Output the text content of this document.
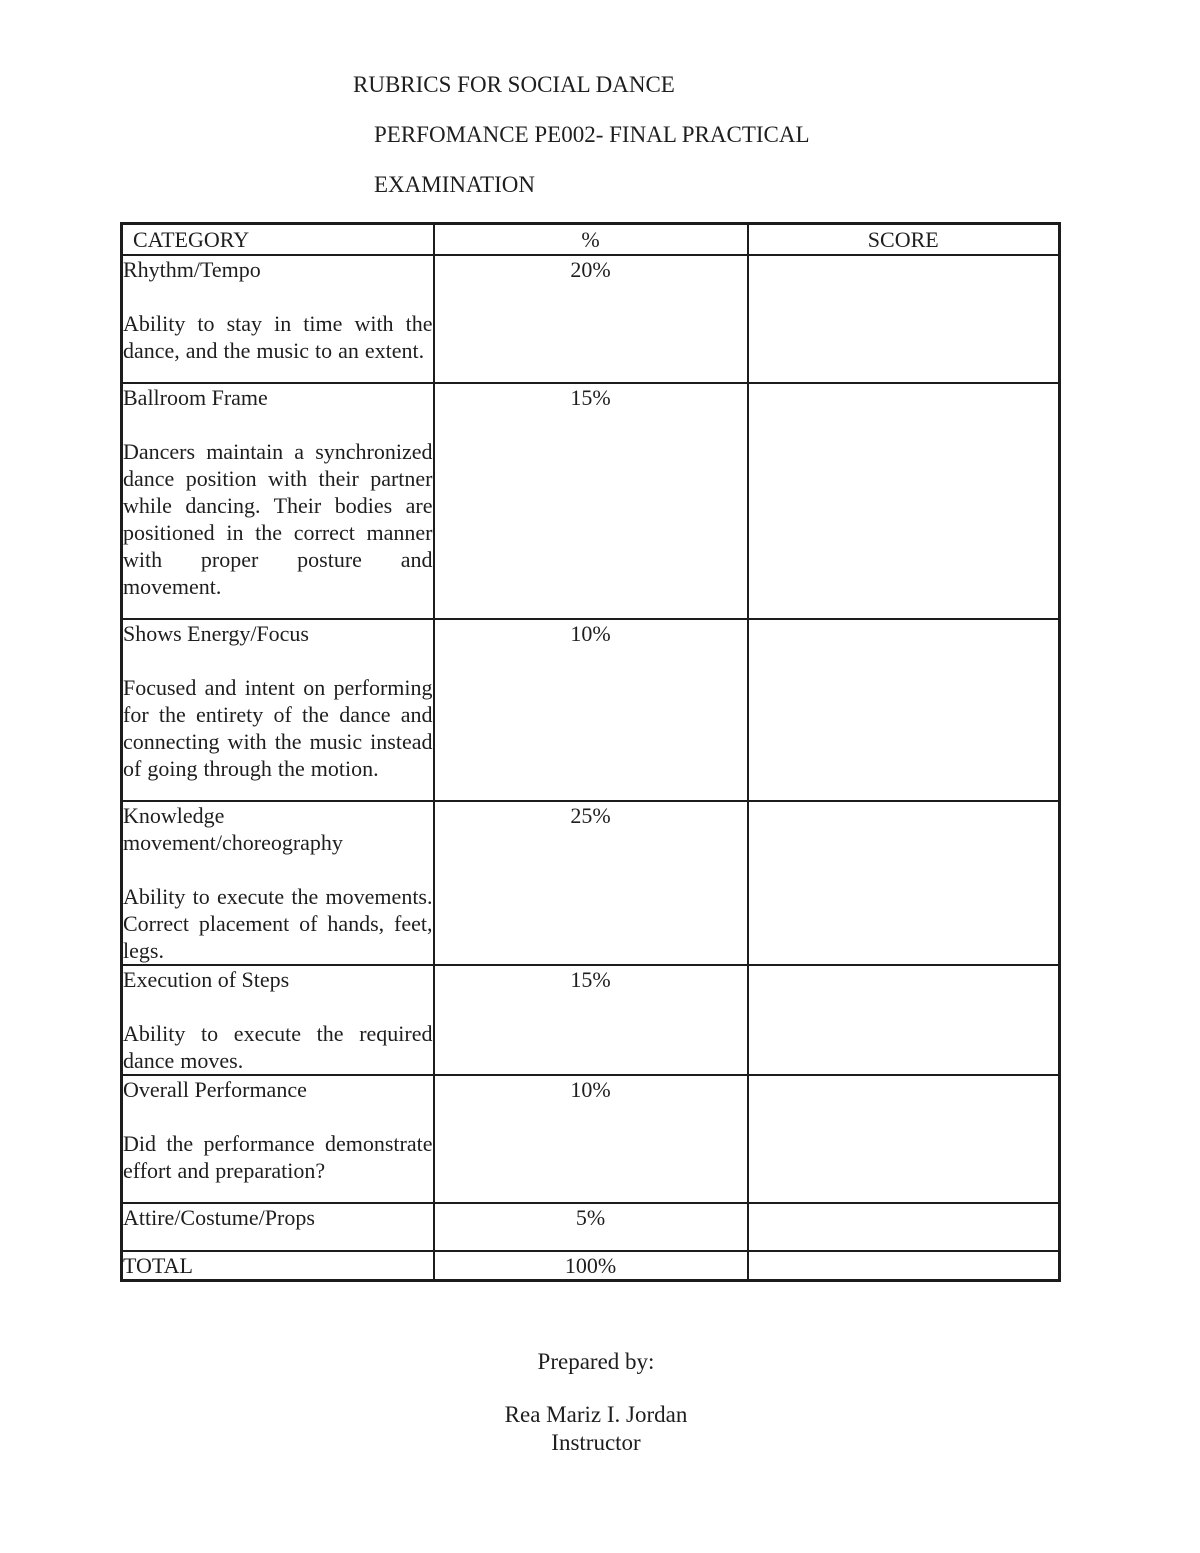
RUBRICS FOR SOCIAL DANCE
PERFOMANCE PE002- FINAL PRACTICAL
EXAMINATION
CATEGORY	%	SCORE

Rhythm/Tempo
Ability to stay in time with the dance, and the music to an extent.	20%	

Ballroom Frame
Dancers maintain a synchronized dance position with their partner while dancing. Their bodies are positioned in the correct manner with proper posture and movement.	15%	

Shows Energy/Focus
Focused and intent on performing for the entirety of the dance and connecting with the music instead of going through the motion.	10%	

Knowledge movement/choreography
Ability to execute the movements. Correct placement of hands, feet, legs.	25%	

Execution of Steps
Ability to execute the required dance moves.	15%	

Overall Performance
Did the performance demonstrate effort and preparation?	10%	

Attire/Costume/Props	5%	

TOTAL	100%	
Prepared by:
Rea Mariz I. Jordan
Instructor
